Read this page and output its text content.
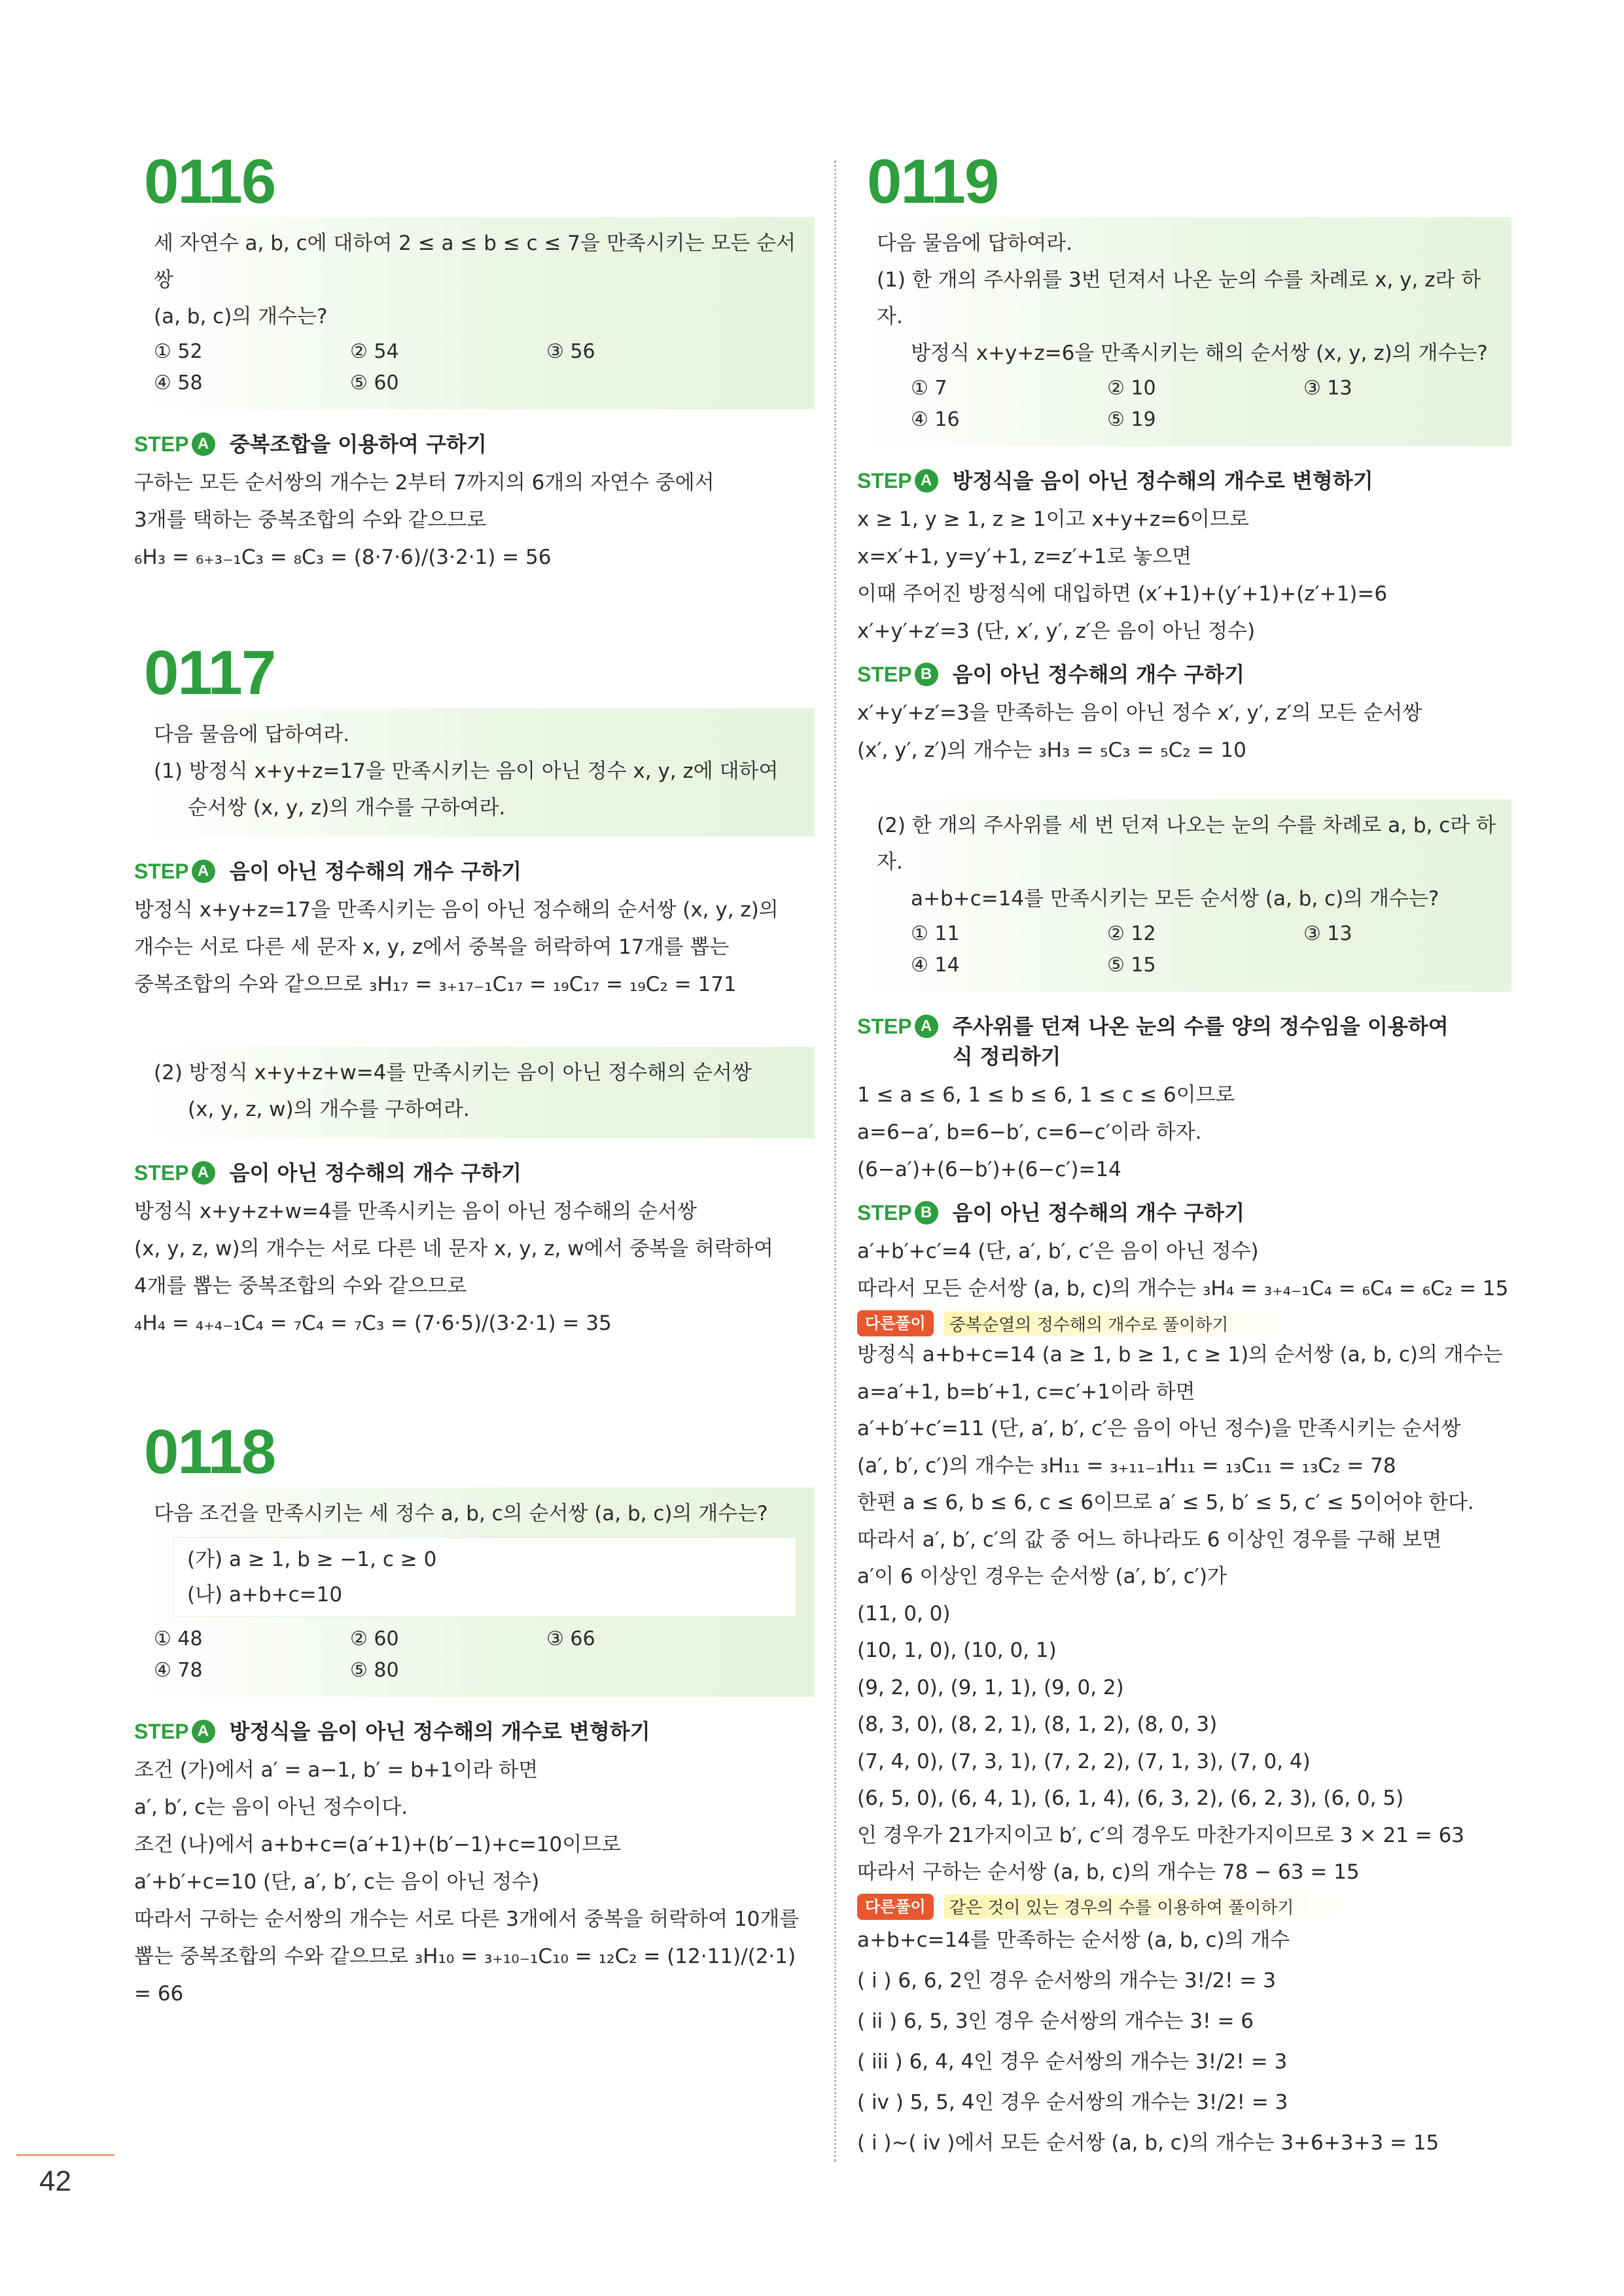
0116

세 자연수 a, b, c에 대하여 2 ≤ a ≤ b ≤ c ≤ 7을 만족시키는 모든 순서쌍

(a, b, c)의 개수는?

① 52	② 54	③ 56
④ 58	⑤ 60
STEP A 중복조합을 이용하여 구하기

구하는 모든 순서쌍의 개수는 2부터 7까지의 6개의 자연수 중에서

3개를 택하는 중복조합의 수와 같으므로

₆H₃ = ₆₊₃₋₁C₃ = ₈C₃ = (8·7·6)/(3·2·1) = 56

0117

다음 물음에 답하여라.

(1) 방정식 x+y+z=17을 만족시키는 음이 아닌 정수 x, y, z에 대하여

순서쌍 (x, y, z)의 개수를 구하여라.

STEP A 음이 아닌 정수해의 개수 구하기

방정식 x+y+z=17을 만족시키는 음이 아닌 정수해의 순서쌍 (x, y, z)의

개수는 서로 다른 세 문자 x, y, z에서 중복을 허락하여 17개를 뽑는

중복조합의 수와 같으므로 ₃H₁₇ = ₃₊₁₇₋₁C₁₇ = ₁₉C₁₇ = ₁₉C₂ = 171

(2) 방정식 x+y+z+w=4를 만족시키는 음이 아닌 정수해의 순서쌍

(x, y, z, w)의 개수를 구하여라.

STEP A 음이 아닌 정수해의 개수 구하기

방정식 x+y+z+w=4를 만족시키는 음이 아닌 정수해의 순서쌍

(x, y, z, w)의 개수는 서로 다른 네 문자 x, y, z, w에서 중복을 허락하여

4개를 뽑는 중복조합의 수와 같으므로

₄H₄ = ₄₊₄₋₁C₄ = ₇C₄ = ₇C₃ = (7·6·5)/(3·2·1) = 35

0118

다음 조건을 만족시키는 세 정수 a, b, c의 순서쌍 (a, b, c)의 개수는?

(가) a ≥ 1, b ≥ −1, c ≥ 0

(나) a+b+c=10

① 48	② 60	③ 66
④ 78	⑤ 80
STEP A 방정식을 음이 아닌 정수해의 개수로 변형하기

조건 (가)에서 a′ = a−1, b′ = b+1이라 하면

a′, b′, c는 음이 아닌 정수이다.

조건 (나)에서 a+b+c=(a′+1)+(b′−1)+c=10이므로

a′+b′+c=10 (단, a′, b′, c는 음이 아닌 정수)

따라서 구하는 순서쌍의 개수는 서로 다른 3개에서 중복을 허락하여 10개를

뽑는 중복조합의 수와 같으므로 ₃H₁₀ = ₃₊₁₀₋₁C₁₀ = ₁₂C₂ = (12·11)/(2·1) = 66

0119

다음 물음에 답하여라.

(1) 한 개의 주사위를 3번 던져서 나온 눈의 수를 차례로 x, y, z라 하자.

방정식 x+y+z=6을 만족시키는 해의 순서쌍 (x, y, z)의 개수는?

① 7	② 10	③ 13
④ 16	⑤ 19
STEP A 방정식을 음이 아닌 정수해의 개수로 변형하기

x ≥ 1, y ≥ 1, z ≥ 1이고 x+y+z=6이므로

x=x′+1, y=y′+1, z=z′+1로 놓으면

이때 주어진 방정식에 대입하면 (x′+1)+(y′+1)+(z′+1)=6

x′+y′+z′=3 (단, x′, y′, z′은 음이 아닌 정수)

STEP B 음이 아닌 정수해의 개수 구하기

x′+y′+z′=3을 만족하는 음이 아닌 정수 x′, y′, z′의 모든 순서쌍

(x′, y′, z′)의 개수는 ₃H₃ = ₅C₃ = ₅C₂ = 10

(2) 한 개의 주사위를 세 번 던져 나오는 눈의 수를 차례로 a, b, c라 하자.

a+b+c=14를 만족시키는 모든 순서쌍 (a, b, c)의 개수는?

① 11	② 12	③ 13
④ 14	⑤ 15
STEP A 주사위를 던져 나온 눈의 수를 양의 정수임을 이용하여 식 정리하기

1 ≤ a ≤ 6, 1 ≤ b ≤ 6, 1 ≤ c ≤ 6이므로

a=6−a′, b=6−b′, c=6−c′이라 하자.

(6−a′)+(6−b′)+(6−c′)=14

STEP B 음이 아닌 정수해의 개수 구하기

a′+b′+c′=4 (단, a′, b′, c′은 음이 아닌 정수)

따라서 모든 순서쌍 (a, b, c)의 개수는 ₃H₄ = ₃₊₄₋₁C₄ = ₆C₄ = ₆C₂ = 15

다른풀이	중복순열의 정수해의 개수로 풀이하기

방정식 a+b+c=14 (a ≥ 1, b ≥ 1, c ≥ 1)의 순서쌍 (a, b, c)의 개수는

a=a′+1, b=b′+1, c=c′+1이라 하면

a′+b′+c′=11 (단, a′, b′, c′은 음이 아닌 정수)을 만족시키는 순서쌍

(a′, b′, c′)의 개수는 ₃H₁₁ = ₃₊₁₁₋₁H₁₁ = ₁₃C₁₁ = ₁₃C₂ = 78

한편 a ≤ 6, b ≤ 6, c ≤ 6이므로 a′ ≤ 5, b′ ≤ 5, c′ ≤ 5이어야 한다.

따라서 a′, b′, c′의 값 중 어느 하나라도 6 이상인 경우를 구해 보면

a′이 6 이상인 경우는 순서쌍 (a′, b′, c′)가

(11, 0, 0)

(10, 1, 0), (10, 0, 1)

(9, 2, 0), (9, 1, 1), (9, 0, 2)

(8, 3, 0), (8, 2, 1), (8, 1, 2), (8, 0, 3)

(7, 4, 0), (7, 3, 1), (7, 2, 2), (7, 1, 3), (7, 0, 4)

(6, 5, 0), (6, 4, 1), (6, 1, 4), (6, 3, 2), (6, 2, 3), (6, 0, 5)

인 경우가 21가지이고 b′, c′의 경우도 마찬가지이므로 3 × 21 = 63

따라서 구하는 순서쌍 (a, b, c)의 개수는 78 − 63 = 15

다른풀이	같은 것이 있는 경우의 수를 이용하여 풀이하기

a+b+c=14를 만족하는 순서쌍 (a, b, c)의 개수

( i ) 6, 6, 2인 경우 순서쌍의 개수는 3!/2! = 3

( ii ) 6, 5, 3인 경우 순서쌍의 개수는 3! = 6

( iii ) 6, 4, 4인 경우 순서쌍의 개수는 3!/2! = 3

( iv ) 5, 5, 4인 경우 순서쌍의 개수는 3!/2! = 3

( i )~( iv )에서 모든 순서쌍 (a, b, c)의 개수는 3+6+3+3 = 15

42
